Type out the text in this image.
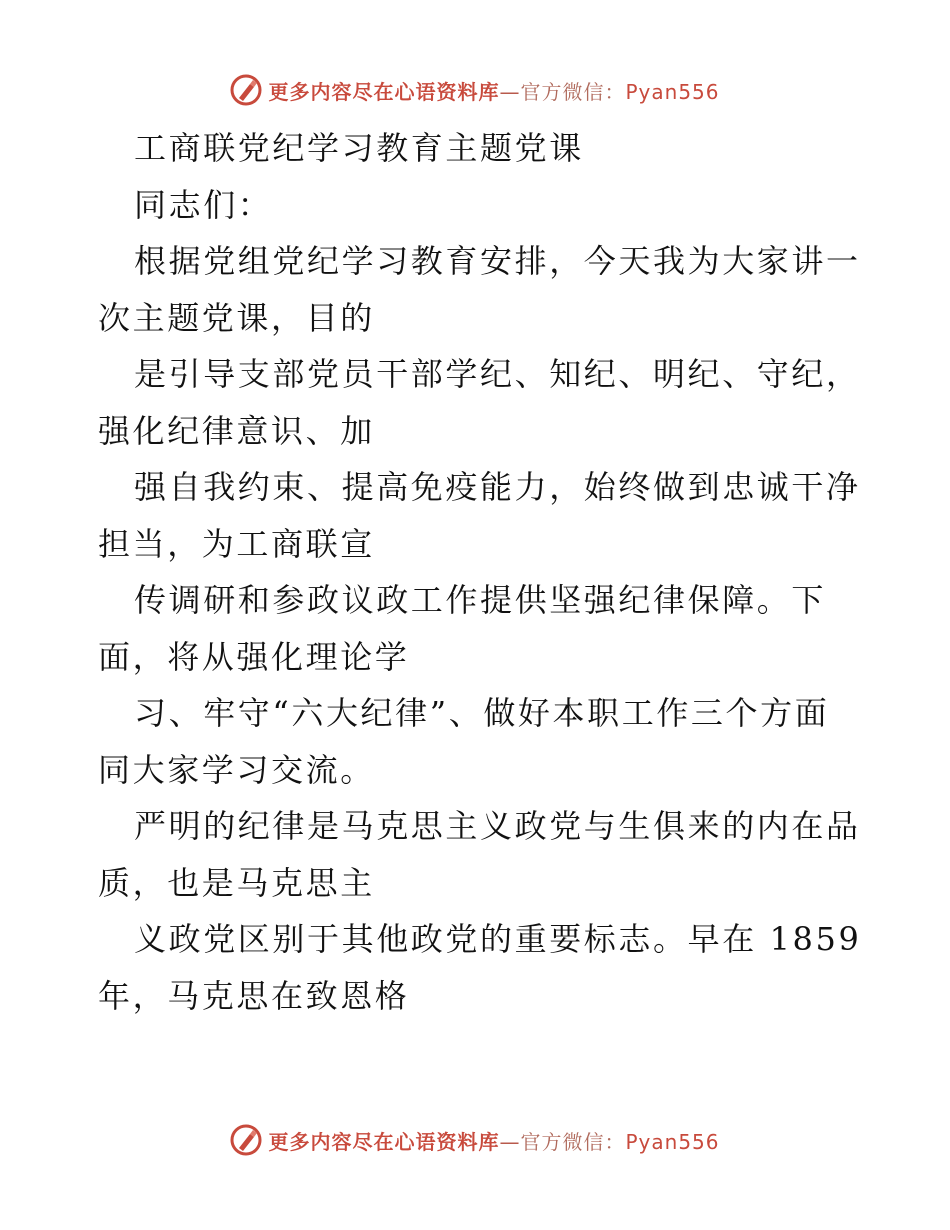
更多内容尽在心语资料库—官方微信：Pyan556
工商联党纪学习教育主题党课
同志们：
根据党组党纪学习教育安排，今天我为大家讲一
次主题党课，目的
是引导支部党员干部学纪、知纪、明纪、守纪，
强化纪律意识、加
强自我约束、提高免疫能力，始终做到忠诚干净
担当，为工商联宣
传调研和参政议政工作提供坚强纪律保障。下
面，将从强化理论学
习、牢守“六大纪律”、做好本职工作三个方面
同大家学习交流。
严明的纪律是马克思主义政党与生俱来的内在品
质，也是马克思主
义政党区别于其他政党的重要标志。早在 1859
年，马克思在致恩格
更多内容尽在心语资料库—官方微信：Pyan556
